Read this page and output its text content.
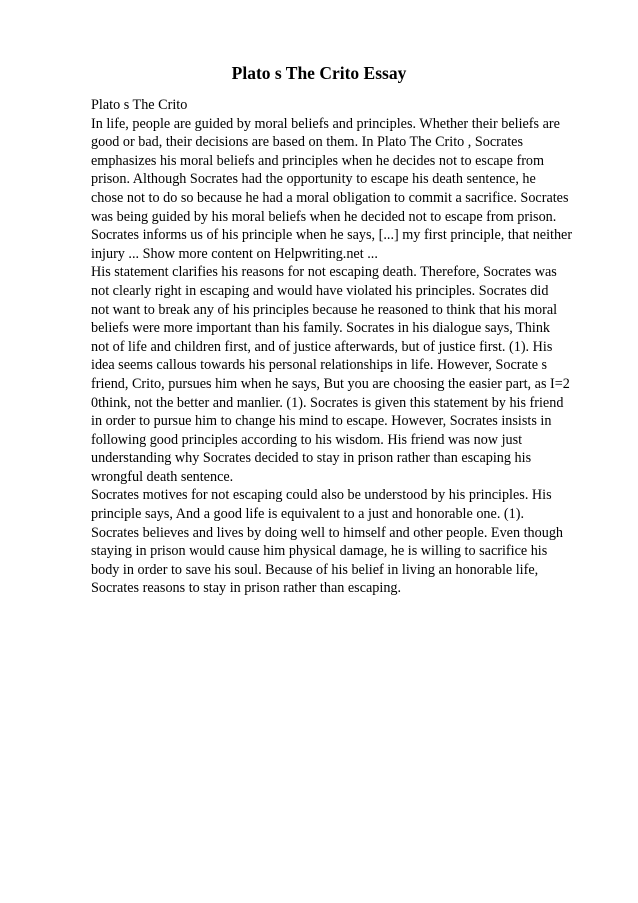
Plato s The Crito Essay
Plato s The Crito
In life, people are guided by moral beliefs and principles. Whether their beliefs are
good or bad, their decisions are based on them. In Plato The Crito , Socrates
emphasizes his moral beliefs and principles when he decides not to escape from
prison. Although Socrates had the opportunity to escape his death sentence, he
chose not to do so because he had a moral obligation to commit a sacrifice. Socrates
was being guided by his moral beliefs when he decided not to escape from prison.
Socrates informs us of his principle when he says, [...] my first principle, that neither
injury ... Show more content on Helpwriting.net ...
His statement clarifies his reasons for not escaping death. Therefore, Socrates was
not clearly right in escaping and would have violated his principles. Socrates did
not want to break any of his principles because he reasoned to think that his moral
beliefs were more important than his family. Socrates in his dialogue says, Think
not of life and children first, and of justice afterwards, but of justice first. (1). His
idea seems callous towards his personal relationships in life. However, Socrate s
friend, Crito, pursues him when he says, But you are choosing the easier part, as I=2
0think, not the better and manlier. (1). Socrates is given this statement by his friend
in order to pursue him to change his mind to escape. However, Socrates insists in
following good principles according to his wisdom. His friend was now just
understanding why Socrates decided to stay in prison rather than escaping his
wrongful death sentence.
Socrates motives for not escaping could also be understood by his principles. His
principle says, And a good life is equivalent to a just and honorable one. (1).
Socrates believes and lives by doing well to himself and other people. Even though
staying in prison would cause him physical damage, he is willing to sacrifice his
body in order to save his soul. Because of his belief in living an honorable life,
Socrates reasons to stay in prison rather than escaping.
